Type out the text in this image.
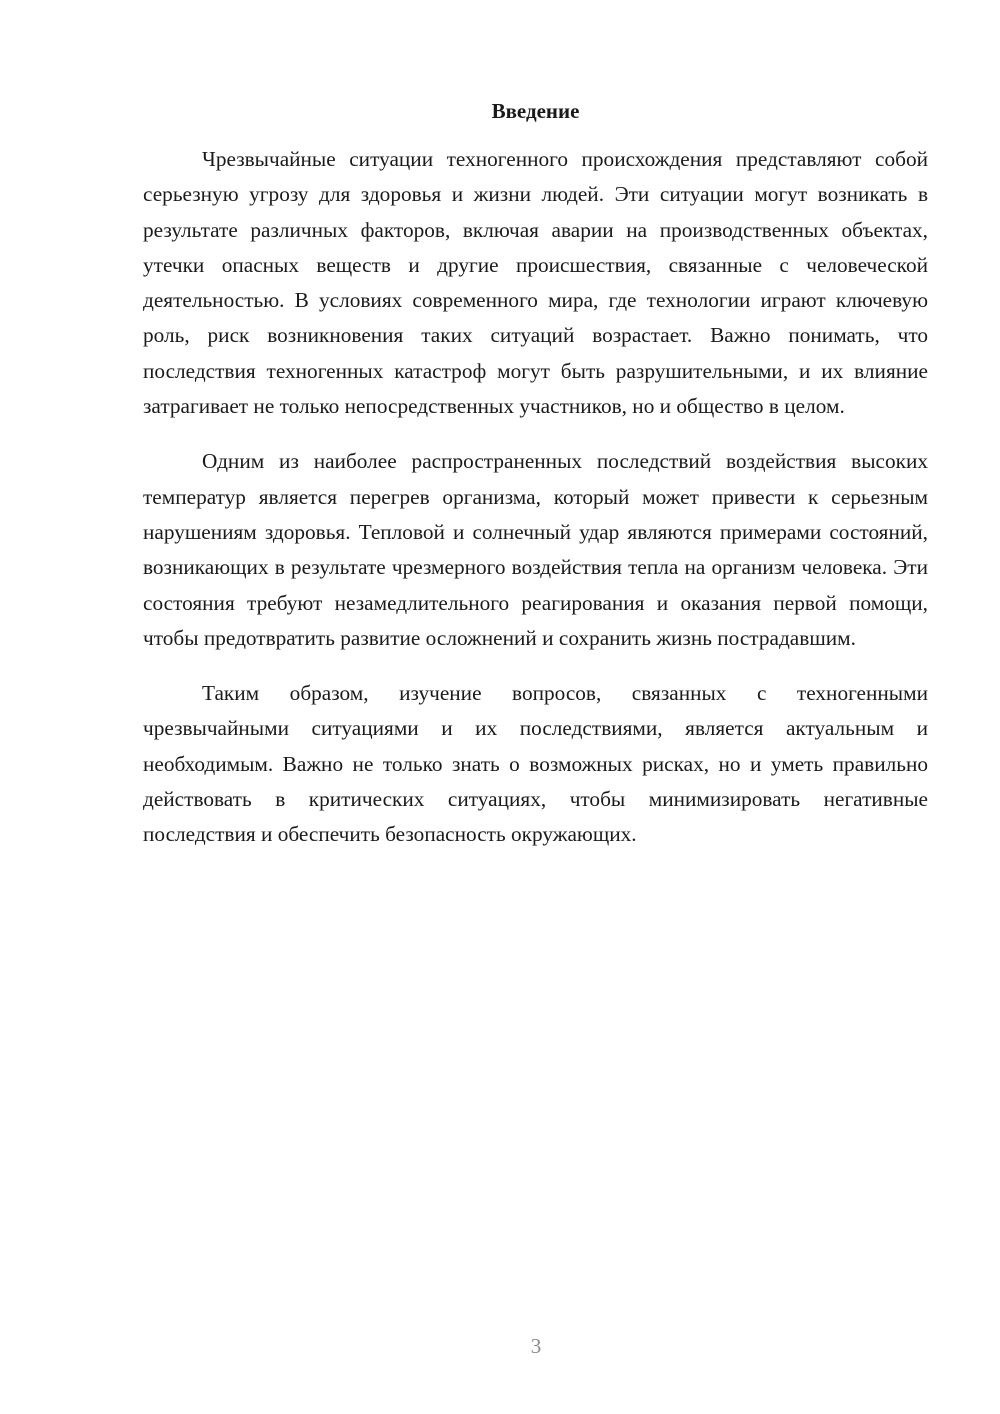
Введение

Чрезвычайные ситуации техногенного происхождения представляют собой серьезную угрозу для здоровья и жизни людей. Эти ситуации могут возникать в результате различных факторов, включая аварии на производственных объектах, утечки опасных веществ и другие происшествия, связанные с человеческой деятельностью. В условиях современного мира, где технологии играют ключевую роль, риск возникновения таких ситуаций возрастает. Важно понимать, что последствия техногенных катастроф могут быть разрушительными, и их влияние затрагивает не только непосредственных участников, но и общество в целом.

Одним из наиболее распространенных последствий воздействия высоких температур является перегрев организма, который может привести к серьезным нарушениям здоровья. Тепловой и солнечный удар являются примерами состояний, возникающих в результате чрезмерного воздействия тепла на организм человека. Эти состояния требуют незамедлительного реагирования и оказания первой помощи, чтобы предотвратить развитие осложнений и сохранить жизнь пострадавшим.

Таким образом, изучение вопросов, связанных с техногенными чрезвычайными ситуациями и их последствиями, является актуальным и необходимым. Важно не только знать о возможных рисках, но и уметь правильно действовать в критических ситуациях, чтобы минимизировать негативные последствия и обеспечить безопасность окружающих.

3
